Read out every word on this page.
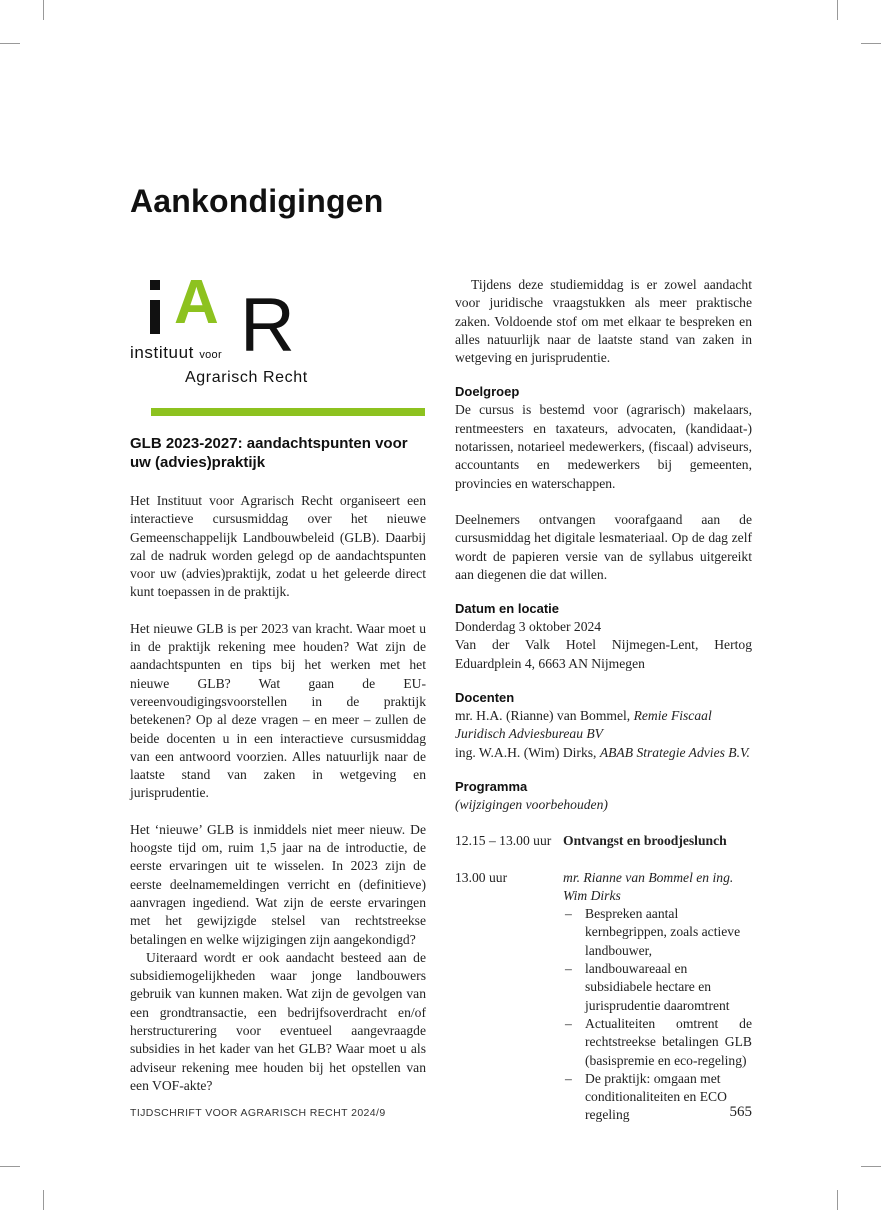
Aankondigingen
A R
instituut voor
Agrarisch Recht
GLB 2023-2027: aandachtspunten voor uw (advies)praktijk

Het Instituut voor Agrarisch Recht organiseert een interactieve cursusmiddag over het nieuwe Gemeenschappelijk Landbouwbeleid (GLB). Daarbij zal de nadruk worden gelegd op de aandachtspunten voor uw (advies)praktijk, zodat u het geleerde direct kunt toepassen in de praktijk.

Het nieuwe GLB is per 2023 van kracht. Waar moet u in de praktijk rekening mee houden? Wat zijn de aandachtspunten en tips bij het werken met het nieuwe GLB? Wat gaan de EU-vereenvoudigingsvoorstellen in de praktijk betekenen? Op al deze vragen – en meer – zullen de beide docenten u in een interactieve cursusmiddag van een antwoord voorzien. Alles natuurlijk naar de laatste stand van zaken in wetgeving en jurisprudentie.

Het ‘nieuwe’ GLB is inmiddels niet meer nieuw. De hoogste tijd om, ruim 1,5 jaar na de introductie, de eerste ervaringen uit te wisselen. In 2023 zijn de eerste deelnamemeldingen verricht en (definitieve) aanvragen ingediend. Wat zijn de eerste ervaringen met het gewijzigde stelsel van rechtstreekse betalingen en welke wijzigingen zijn aangekondigd?

Uiteraard wordt er ook aandacht besteed aan de subsidiemogelijkheden waar jonge landbouwers gebruik van kunnen maken. Wat zijn de gevolgen van een grondtransactie, een bedrijfsoverdracht en/of herstructurering voor eventueel aangevraagde subsidies in het kader van het GLB? Waar moet u als adviseur rekening mee houden bij het opstellen van een VOF-akte?

Tijdens deze studiemiddag is er zowel aandacht voor juridische vraagstukken als meer praktische zaken. Voldoende stof om met elkaar te bespreken en alles natuurlijk naar de laatste stand van zaken in wetgeving en jurisprudentie.

Doelgroep

De cursus is bestemd voor (agrarisch) makelaars, rentmeesters en taxateurs, advocaten, (kandidaat-) notarissen, notarieel medewerkers, (fiscaal) adviseurs, accountants en medewerkers bij gemeenten, provincies en waterschappen.

Deelnemers ontvangen voorafgaand aan de cursusmiddag het digitale lesmateriaal. Op de dag zelf wordt de papieren versie van de syllabus uitgereikt aan diegenen die dat willen.

Datum en locatie

Donderdag 3 oktober 2024

Van der Valk Hotel Nijmegen-Lent, Hertog Eduardplein 4, 6663 AN Nijmegen

Docenten

mr. H.A. (Rianne) van Bommel, Remie Fiscaal Juridisch Adviesbureau BV

ing. W.A.H. (Wim) Dirks, ABAB Strategie Advies B.V.

Programma

(wijzigingen voorbehouden)

12.15 – 13.00 uur Ontvangst en broodjeslunch
13.00 uur	mr. Rianne van Bommel en ing. Wim Dirks
– Bespreken aantal kernbegrippen, zoals actieve landbouwer,
– landbouwareaal en subsidiabele hectare en jurisprudentie daaromtrent
– Actualiteiten omtrent de rechtstreekse betalingen GLB (basispremie en eco-regeling)
– De praktijk: omgaan met conditionaliteiten en ECO regeling
TIJDSCHRIFT VOOR AGRARISCH RECHT 2024/9	565
